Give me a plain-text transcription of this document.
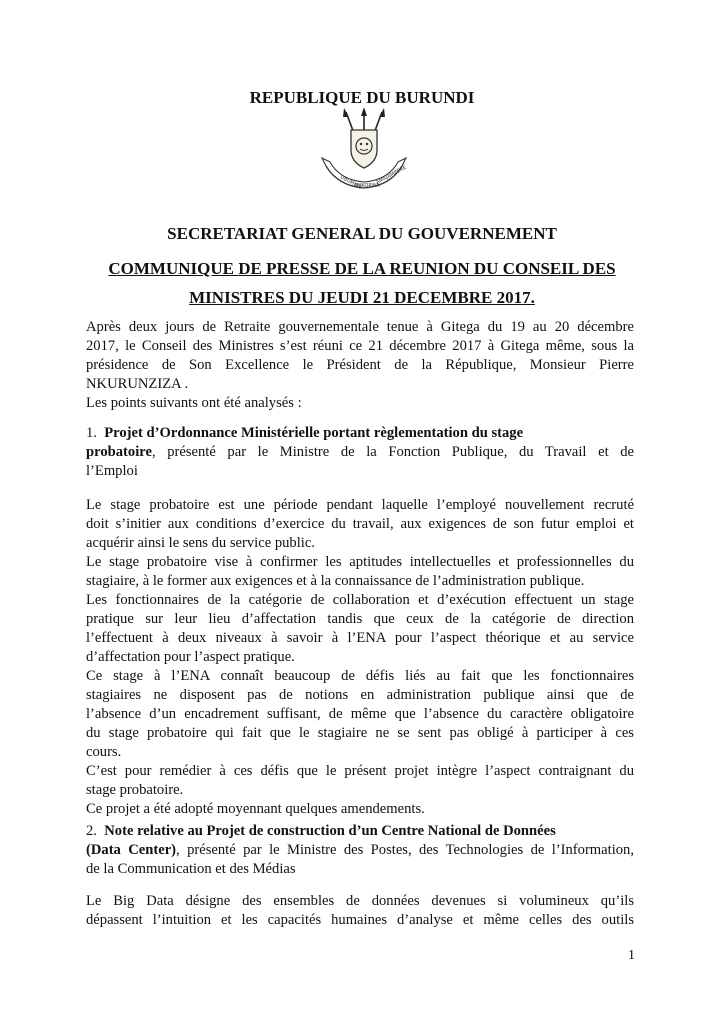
REPUBLIQUE DU BURUNDI

UBUMWE
IBIKORWA
AMAJAMBERE

SECRETARIAT GENERAL DU GOUVERNEMENT

COMMUNIQUE DE PRESSE DE LA REUNION DU CONSEIL DES

MINISTRES DU JEUDI 21 DECEMBRE 2017.

Après deux jours de Retraite gouvernementale tenue à Gitega du 19 au 20 décembre
2017, le Conseil des Ministres s’est réuni ce 21 décembre 2017 à Gitega même, sous la
présidence de Son Excellence le Président de la République, Monsieur Pierre
NKURUNZIZA .
Les points suivants ont été analysés :
1. Projet d’Ordonnance Ministérielle portant règlementation du stage
probatoire, présenté par le Ministre de la Fonction Publique, du Travail et de
l’Emploi
Le stage probatoire est une période pendant laquelle l’employé nouvellement recruté
doit s’initier aux conditions d’exercice du travail, aux exigences de son futur emploi et
acquérir ainsi le sens du service public.
Le stage probatoire vise à confirmer les aptitudes intellectuelles et professionnelles du
stagiaire, à le former aux exigences et à la connaissance de l’administration publique.
Les fonctionnaires de la catégorie de collaboration et d’exécution effectuent un stage
pratique sur leur lieu d’affectation tandis que ceux de la catégorie de direction
l’effectuent à deux niveaux à savoir à l’ENA pour l’aspect théorique et au service
d’affectation pour l’aspect pratique.
Ce stage à l’ENA connaît beaucoup de défis liés au fait que les fonctionnaires
stagiaires ne disposent pas de notions en administration publique ainsi que de
l’absence d’un encadrement suffisant, de même que l’absence du caractère obligatoire
du stage probatoire qui fait que le stagiaire ne se sent pas obligé à participer à ces
cours.
C’est pour remédier à ces défis que le présent projet intègre l’aspect contraignant du
stage probatoire.
Ce projet a été adopté moyennant quelques amendements.
2. Note relative au Projet de construction d’un Centre National de Données
(Data Center), présenté par le Ministre des Postes, des Technologies de l’Information,
de la Communication et des Médias
Le Big Data désigne des ensembles de données devenues si volumineux qu’ils
dépassent l’intuition et les capacités humaines d’analyse et même celles des outils
1
